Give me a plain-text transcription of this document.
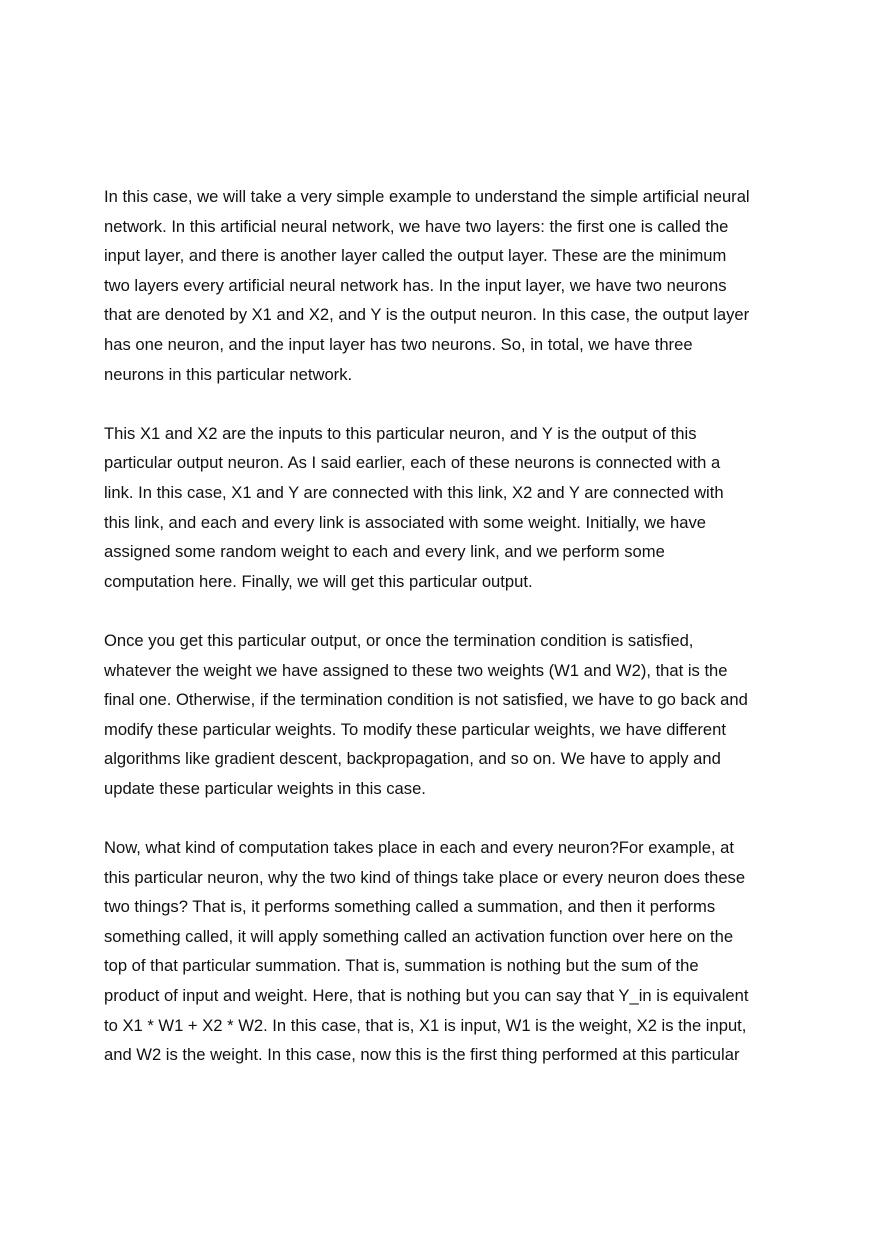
In this case, we will take a very simple example to understand the simple artificial neural
network. In this artificial neural network, we have two layers: the first one is called the
input layer, and there is another layer called the output layer. These are the minimum
two layers every artificial neural network has. In the input layer, we have two neurons
that are denoted by X1 and X2, and Y is the output neuron. In this case, the output layer
has one neuron, and the input layer has two neurons. So, in total, we have three
neurons in this particular network.

This X1 and X2 are the inputs to this particular neuron, and Y is the output of this
particular output neuron. As I said earlier, each of these neurons is connected with a
link. In this case, X1 and Y are connected with this link, X2 and Y are connected with
this link, and each and every link is associated with some weight. Initially, we have
assigned some random weight to each and every link, and we perform some
computation here. Finally, we will get this particular output.

Once you get this particular output, or once the termination condition is satisfied,
whatever the weight we have assigned to these two weights (W1 and W2), that is the
final one. Otherwise, if the termination condition is not satisfied, we have to go back and
modify these particular weights. To modify these particular weights, we have different
algorithms like gradient descent, backpropagation, and so on. We have to apply and
update these particular weights in this case.

Now, what kind of computation takes place in each and every neuron?For example, at
this particular neuron, why the two kind of things take place or every neuron does these
two things? That is, it performs something called a summation, and then it performs
something called, it will apply something called an activation function over here on the
top of that particular summation. That is, summation is nothing but the sum of the
product of input and weight. Here, that is nothing but you can say that Y_in is equivalent
to X1 * W1 + X2 * W2. In this case, that is, X1 is input, W1 is the weight, X2 is the input,
and W2 is the weight. In this case, now this is the first thing performed at this particular
